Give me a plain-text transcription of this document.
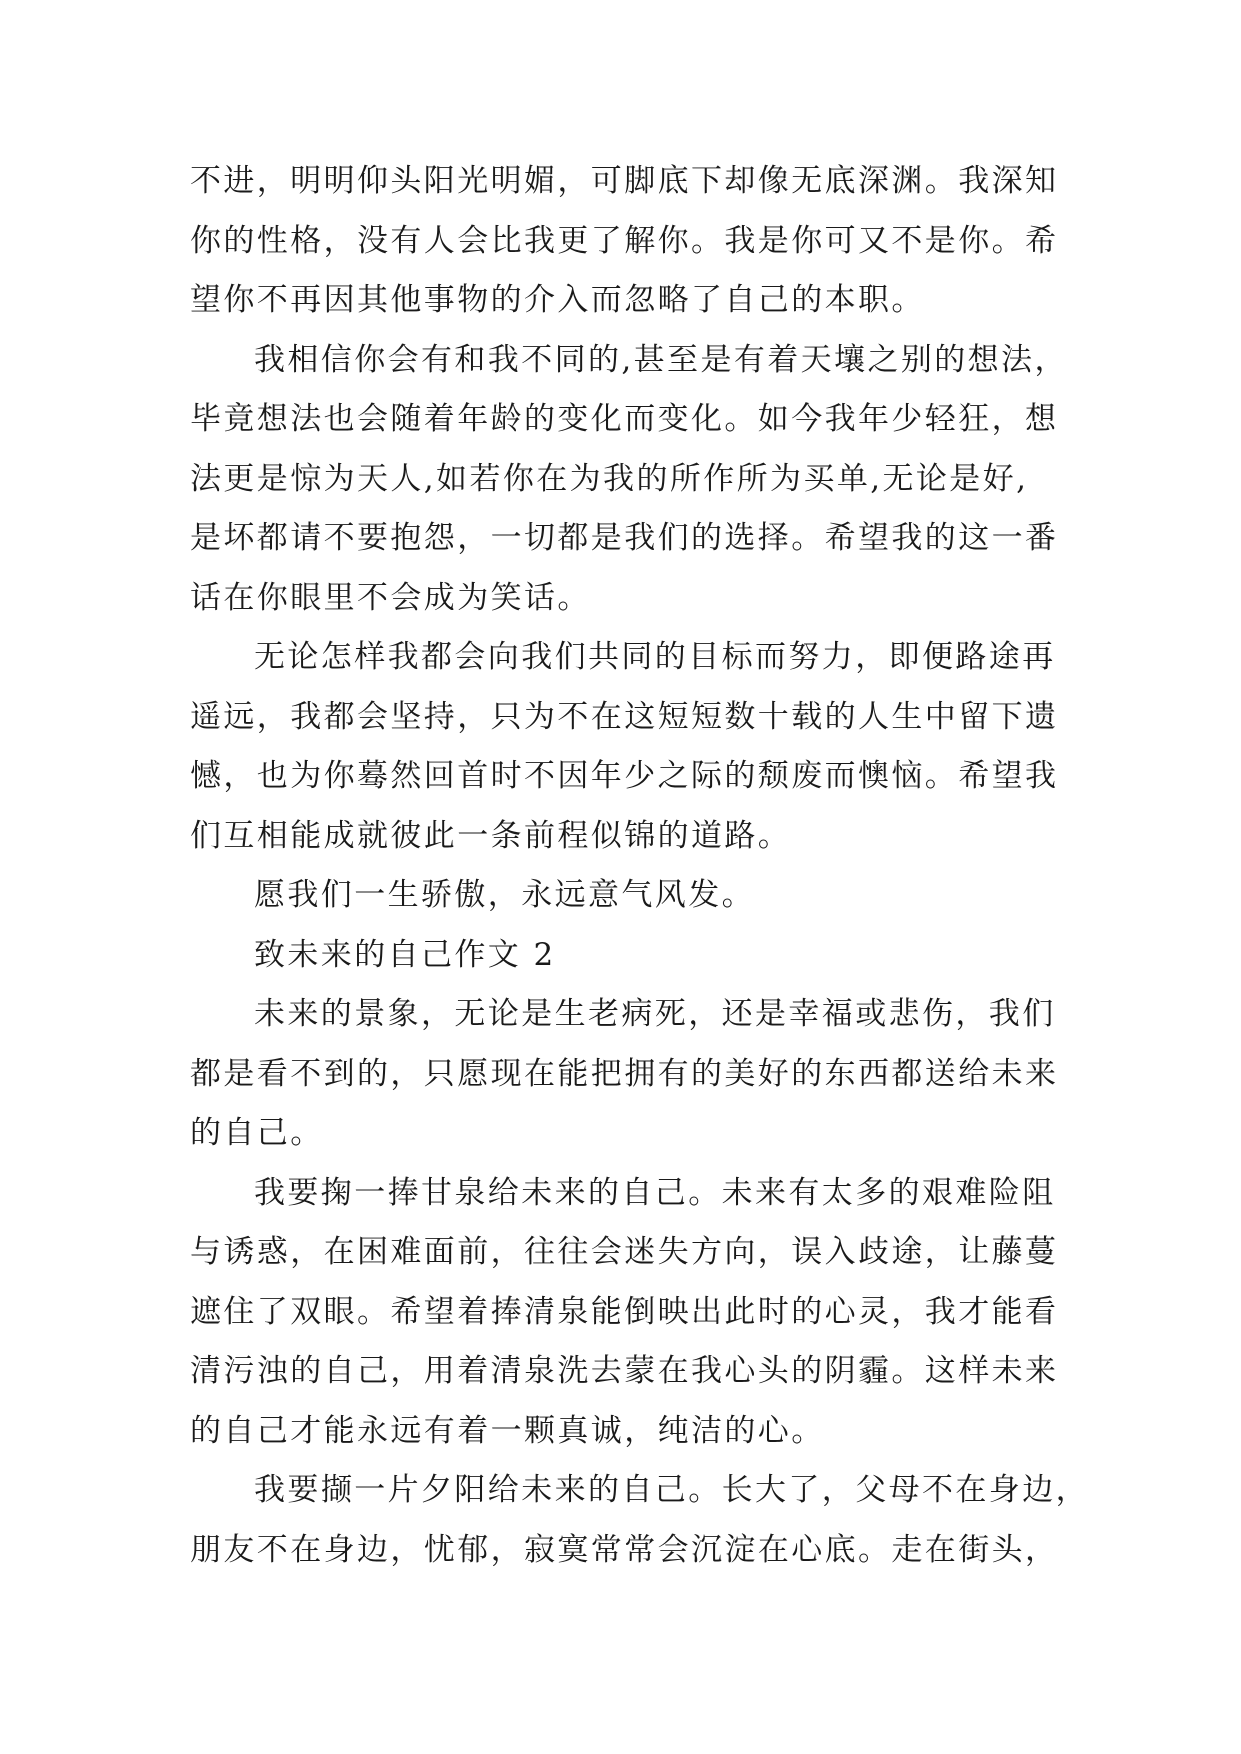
不进，明明仰头阳光明媚，可脚底下却像无底深渊。我深知
你的性格，没有人会比我更了解你。我是你可又不是你。希
望你不再因其他事物的介入而忽略了自己的本职。
我相信你会有和我不同的,甚至是有着天壤之别的想法，
毕竟想法也会随着年龄的变化而变化。如今我年少轻狂，想
法更是惊为天人,如若你在为我的所作所为买单,无论是好,
是坏都请不要抱怨，一切都是我们的选择。希望我的这一番
话在你眼里不会成为笑话。
无论怎样我都会向我们共同的目标而努力，即便路途再
遥远，我都会坚持，只为不在这短短数十载的人生中留下遗
憾，也为你蓦然回首时不因年少之际的颓废而懊恼。希望我
们互相能成就彼此一条前程似锦的道路。
愿我们一生骄傲，永远意气风发。
致未来的自己作文 2
未来的景象，无论是生老病死，还是幸福或悲伤，我们
都是看不到的，只愿现在能把拥有的美好的东西都送给未来
的自己。
我要掬一捧甘泉给未来的自己。未来有太多的艰难险阻
与诱惑，在困难面前，往往会迷失方向，误入歧途，让藤蔓
遮住了双眼。希望着捧清泉能倒映出此时的心灵，我才能看
清污浊的自己，用着清泉洗去蒙在我心头的阴霾。这样未来
的自己才能永远有着一颗真诚，纯洁的心。
我要撷一片夕阳给未来的自己。长大了，父母不在身边，
朋友不在身边，忧郁，寂寞常常会沉淀在心底。走在街头，
